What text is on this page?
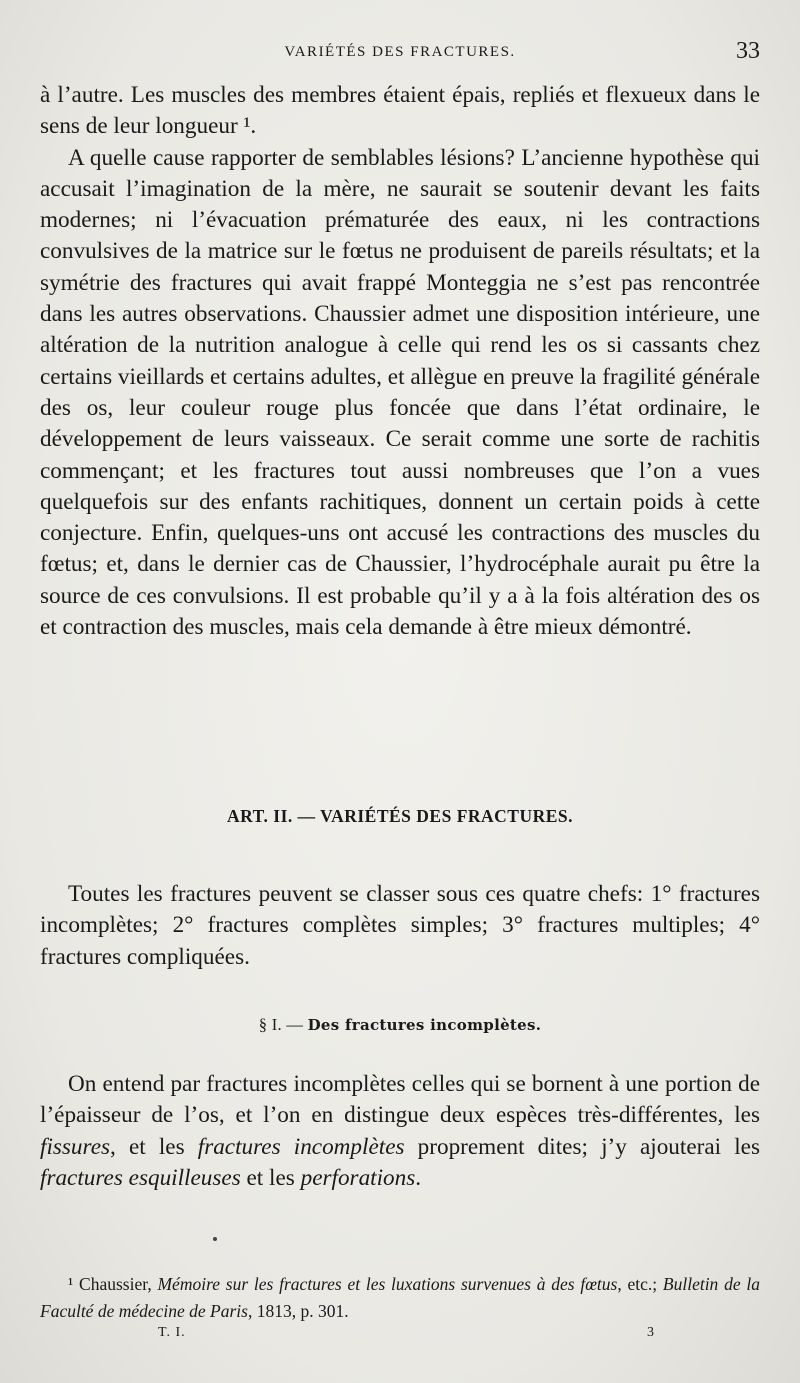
VARIÉTÉS DES FRACTURES.	33

à l’autre. Les muscles des membres étaient épais, repliés et flexueux dans le sens de leur longueur ¹.

A quelle cause rapporter de semblables lésions? L’ancienne hypothèse qui accusait l’imagination de la mère, ne saurait se soutenir devant les faits modernes; ni l’évacuation prématurée des eaux, ni les contractions convulsives de la matrice sur le fœtus ne produisent de pareils résultats; et la symétrie des fractures qui avait frappé Monteggia ne s’est pas rencontrée dans les autres observations. Chaussier admet une disposition intérieure, une altération de la nutrition analogue à celle qui rend les os si cassants chez certains vieillards et certains adultes, et allègue en preuve la fragilité générale des os, leur couleur rouge plus foncée que dans l’état ordinaire, le développement de leurs vaisseaux. Ce serait comme une sorte de rachitis commençant; et les fractures tout aussi nombreuses que l’on a vues quelquefois sur des enfants rachitiques, donnent un certain poids à cette conjecture. Enfin, quelques-uns ont accusé les contractions des muscles du fœtus; et, dans le dernier cas de Chaussier, l’hydrocéphale aurait pu être la source de ces convulsions. Il est probable qu’il y a à la fois altération des os et contraction des muscles, mais cela demande à être mieux démontré.

ART. II. — VARIÉTÉS DES FRACTURES.

Toutes les fractures peuvent se classer sous ces quatre chefs: 1° fractures incomplètes; 2° fractures complètes simples; 3° fractures multiples; 4° fractures compliquées.

§ I. — Des fractures incomplètes.

On entend par fractures incomplètes celles qui se bornent à une portion de l’épaisseur de l’os, et l’on en distingue deux espèces très-différentes, les fissures, et les fractures incomplètes proprement dites; j’y ajouterai les fractures esquilleuses et les perforations.

¹ Chaussier, Mémoire sur les fractures et les luxations survenues à des fœtus, etc.; Bulletin de la Faculté de médecine de Paris, 1813, p. 301.

T. I.	3
